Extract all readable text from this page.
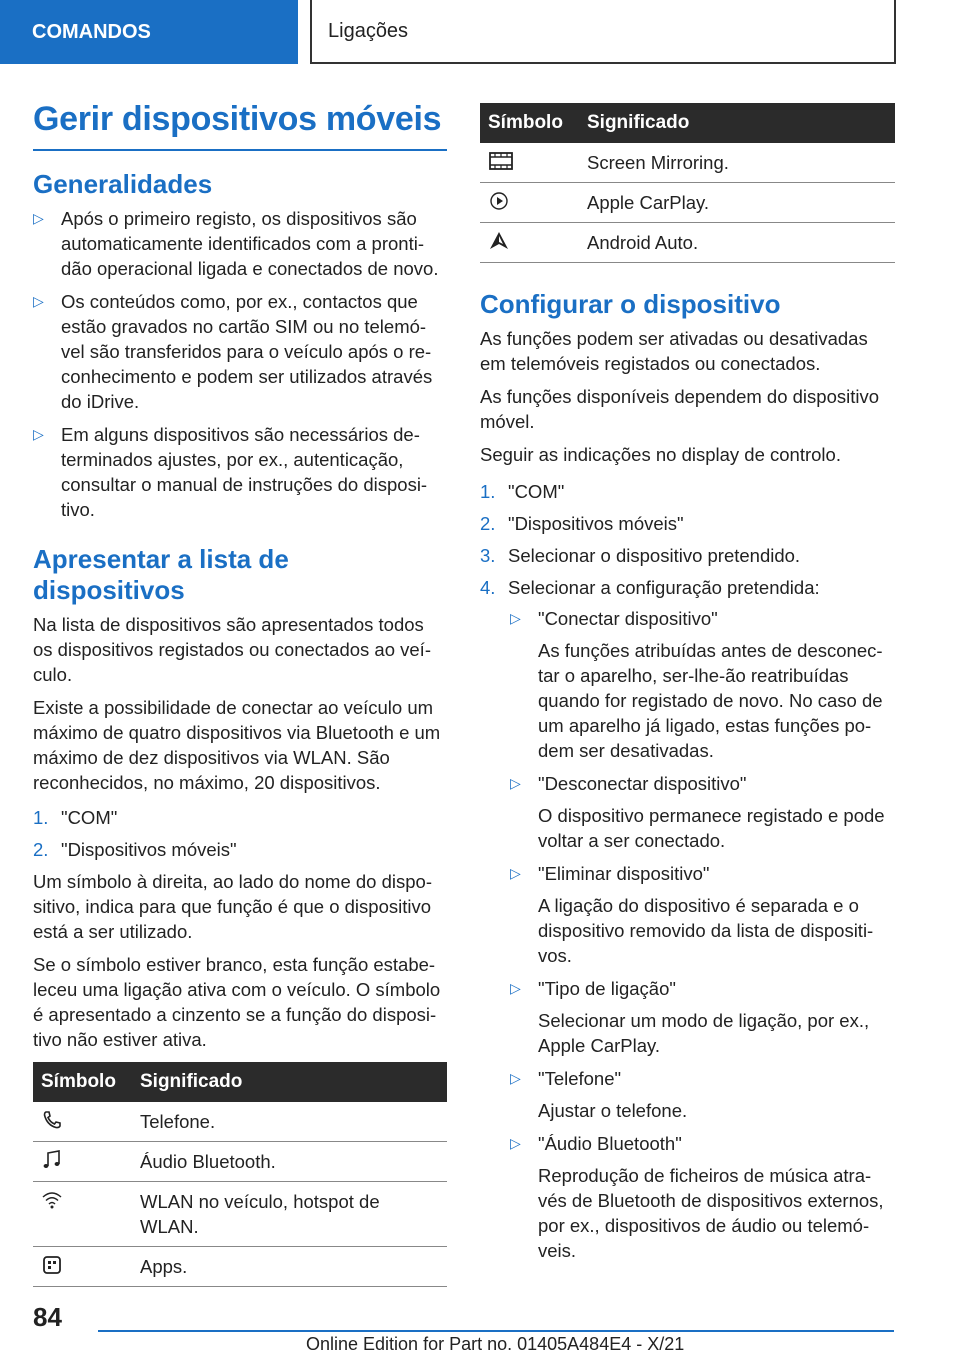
COMANDOS	Ligações
Gerir dispositivos móveis
Generalidades
▷ Após o primeiro registo, os dispositivos são automaticamente identificados com a pronti-dão operacional ligada e conectados de novo.
▷ Os conteúdos como, por ex., contactos que estão gravados no cartão SIM ou no telemó-vel são transferidos para o veículo após o re-conhecimento e podem ser utilizados através do iDrive.
▷ Em alguns dispositivos são necessários de-terminados ajustes, por ex., autenticação, consultar o manual de instruções do disposi-tivo.
Apresentar a lista de dispositivos

Na lista de dispositivos são apresentados todos os dispositivos registados ou conectados ao veí-culo.

Existe a possibilidade de conectar ao veículo um máximo de quatro dispositivos via Bluetooth e um máximo de dez dispositivos via WLAN. São reconhecidos, no máximo, 20 dispositivos.

1. "COM"
2. "Dispositivos móveis"

Um símbolo à direita, ao lado do nome do dispo-sitivo, indica para que função é que o dispositivo está a ser utilizado.

Se o símbolo estiver branco, esta função estabe-leceu uma ligação ativa com o veículo. O símbolo é apresentado a cinzento se a função do disposi-tivo não estiver ativa.

Símbolo	Significado

	Telefone.

	Áudio Bluetooth.

	WLAN no veículo, hotspot de WLAN.

	Apps.
Símbolo	Significado

	Screen Mirroring.

	Apple CarPlay.

	Android Auto.
Configurar o dispositivo

As funções podem ser ativadas ou desativadas em telemóveis registados ou conectados.

As funções disponíveis dependem do dispositivo móvel.

Seguir as indicações no display de controlo.

1. "COM"
2. "Dispositivos móveis"
3. Selecionar o dispositivo pretendido.
4. Selecionar a configuração pretendida:
▷ "Conectar dispositivo"
As funções atribuídas antes de desconec-tar o aparelho, ser-lhe-ão reatribuídas quando for registado de novo. No caso de um aparelho já ligado, estas funções po-dem ser desativadas.
▷ "Desconectar dispositivo"
O dispositivo permanece registado e pode voltar a ser conectado.
▷ "Eliminar dispositivo"
A ligação do dispositivo é separada e o dispositivo removido da lista de dispositi-vos.
▷ "Tipo de ligação"
Selecionar um modo de ligação, por ex., Apple CarPlay.
▷ "Telefone"
Ajustar o telefone.
▷ "Áudio Bluetooth"
Reprodução de ficheiros de música atra-vés de Bluetooth de dispositivos externos, por ex., dispositivos de áudio ou telemó-veis.
84
Online Edition for Part no. 01405A484E4 - X/21
